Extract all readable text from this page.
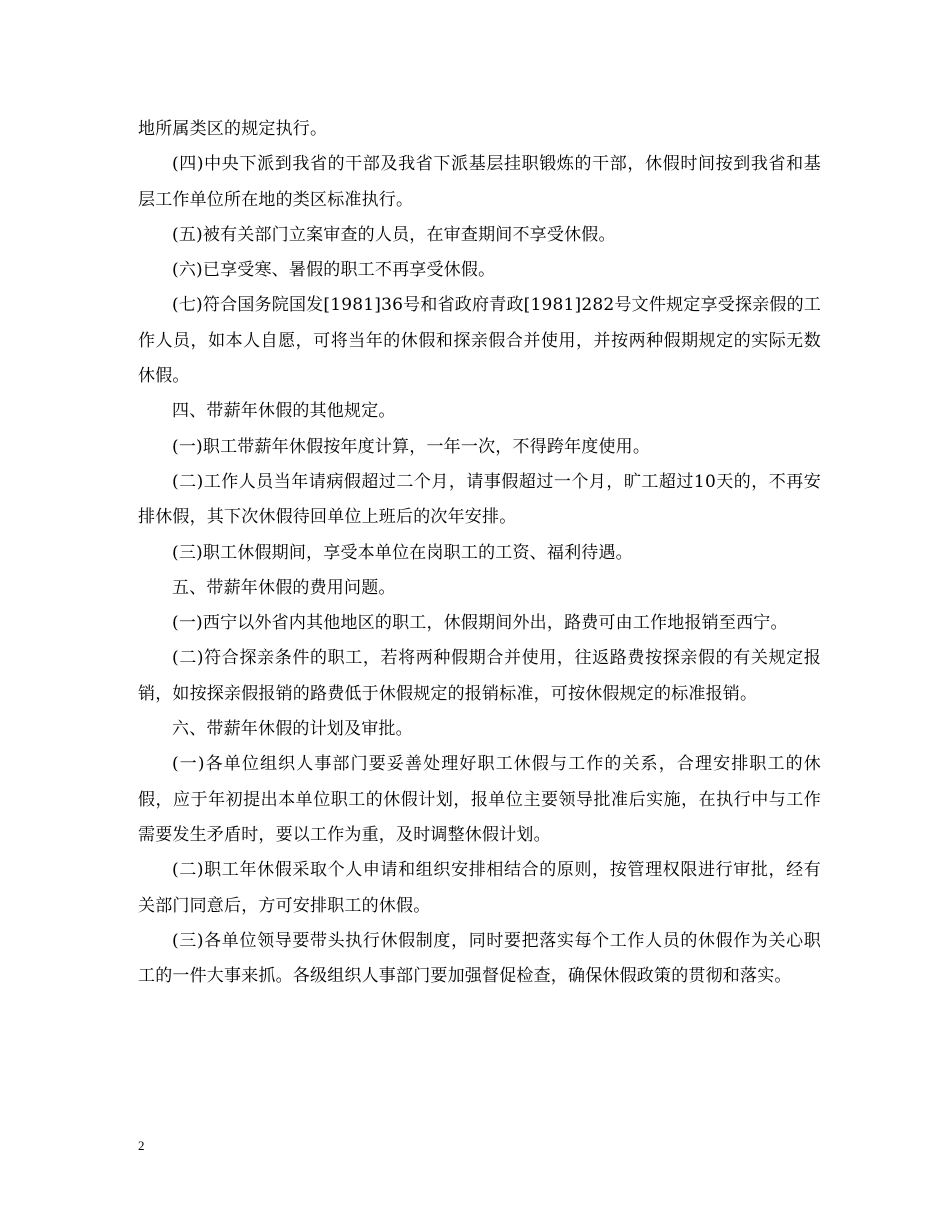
地所属类区的规定执行。

(四)中央下派到我省的干部及我省下派基层挂职锻炼的干部，休假时间按到我省和基层工作单位所在地的类区标准执行。

(五)被有关部门立案审查的人员，在审查期间不享受休假。

(六)已享受寒、暑假的职工不再享受休假。

(七)符合国务院国发[1981]36号和省政府青政[1981]282号文件规定享受探亲假的工作人员，如本人自愿，可将当年的休假和探亲假合并使用，并按两种假期规定的实际无数休假。

四、带薪年休假的其他规定。

(一)职工带薪年休假按年度计算，一年一次，不得跨年度使用。

(二)工作人员当年请病假超过二个月，请事假超过一个月，旷工超过10天的，不再安排休假，其下次休假待回单位上班后的次年安排。

(三)职工休假期间，享受本单位在岗职工的工资、福利待遇。

五、带薪年休假的费用问题。

(一)西宁以外省内其他地区的职工，休假期间外出，路费可由工作地报销至西宁。

(二)符合探亲条件的职工，若将两种假期合并使用，往返路费按探亲假的有关规定报销，如按探亲假报销的路费低于休假规定的报销标准，可按休假规定的标准报销。

六、带薪年休假的计划及审批。

(一)各单位组织人事部门要妥善处理好职工休假与工作的关系，合理安排职工的休假，应于年初提出本单位职工的休假计划，报单位主要领导批准后实施，在执行中与工作需要发生矛盾时，要以工作为重，及时调整休假计划。

(二)职工年休假采取个人申请和组织安排相结合的原则，按管理权限进行审批，经有关部门同意后，方可安排职工的休假。

(三)各单位领导要带头执行休假制度，同时要把落实每个工作人员的休假作为关心职工的一件大事来抓。各级组织人事部门要加强督促检查，确保休假政策的贯彻和落实。

2
